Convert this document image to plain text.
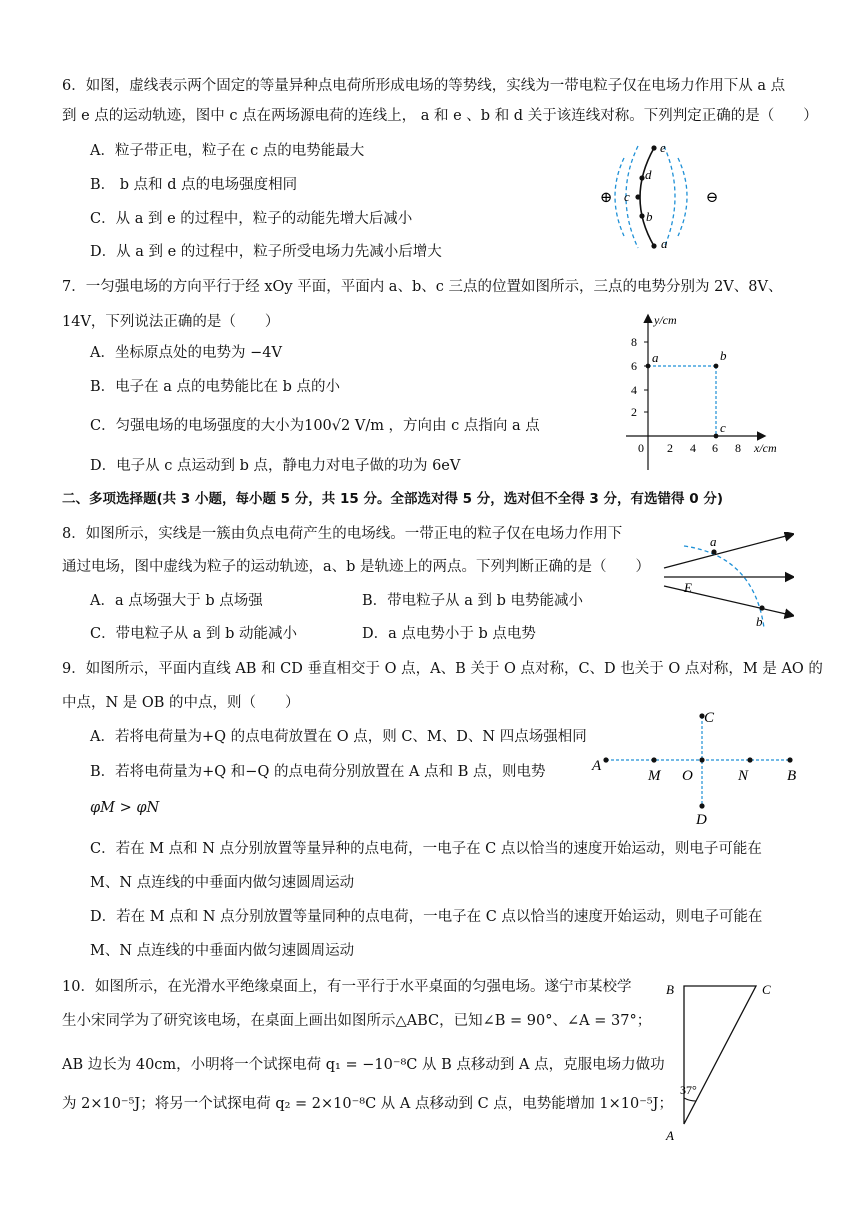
6．如图，虚线表示两个固定的等量异种点电荷所形成电场的等势线，实线为一带电粒子仅在电场力作用下从 a 点
到 e 点的运动轨迹，图中 c 点在两场源电荷的连线上， a 和 e 、b 和 d 关于该连线对称。下列判定正确的是（　　）
A．粒子带正电，粒子在 c 点的电势能最大
B． b 点和 d 点的电场强度相同
C．从 a 到 e 的过程中，粒子的动能先增大后减小
D．从 a 到 e 的过程中，粒子所受电场力先减小后增大
⊕	⊖
a
b
c
d
e
7．一匀强电场的方向平行于经 xOy 平面，平面内 a、b、c 三点的位置如图所示，三点的电势分别为 2V、8V、
14V，下列说法正确的是（　　）
A．坐标原点处的电势为 −4V
B．电子在 a 点的电势能比在 b 点的小
C．匀强电场的电场强度的大小为100√2 V/m ，方向由 c 点指向 a 点
D．电子从 c 点运动到 b 点，静电力对电子做的功为 6eV
y/cm
x/cm
0 2 4 6 8
2
4
6
8
a	b
c
二、多项选择题(共 3 小题，每小题 5 分，共 15 分。全部选对得 5 分，选对但不全得 3 分，有选错得 0 分)
8．如图所示，实线是一簇由负点电荷产生的电场线。一带正电的粒子仅在电场力作用下
通过电场，图中虚线为粒子的运动轨迹，a、b 是轨迹上的两点。下列判断正确的是（　　）
A．a 点场强大于 b 点场强	B．带电粒子从 a 到 b 电势能减小
C．带电粒子从 a 到 b 动能减小	D．a 点电势小于 b 点电势
a
b
E
9．如图所示，平面内直线 AB 和 CD 垂直相交于 O 点，A、B 关于 O 点对称，C、D 也关于 O 点对称，M 是 AO 的
中点，N 是 OB 的中点，则（　　）
A．若将电荷量为+Q 的点电荷放置在 O 点，则 C、M、D、N 四点场强相同
B．若将电荷量为+Q 和−Q 的点电荷分别放置在 A 点和 B 点，则电势
φM > φN
C．若在 M 点和 N 点分别放置等量异种的点电荷，一电子在 C 点以恰当的速度开始运动，则电子可能在
M、N 点连线的中垂面内做匀速圆周运动
D．若在 M 点和 N 点分别放置等量同种的点电荷，一电子在 C 点以恰当的速度开始运动，则电子可能在
M、N 点连线的中垂面内做匀速圆周运动
A
M O	N	B
C
D
10．如图所示，在光滑水平绝缘桌面上，有一平行于水平桌面的匀强电场。遂宁市某校学
生小宋同学为了研究该电场，在桌面上画出如图所示△ABC，已知∠B = 90°、∠A = 37°；
AB 边长为 40cm，小明将一个试探电荷 q₁ = −10⁻⁸C 从 B 点移动到 A 点，克服电场力做功
为 2×10⁻⁵J；将另一个试探电荷 q₂ = 2×10⁻⁸C 从 A 点移动到 C 点，电势能增加 1×10⁻⁵J；
B	C
A
37°
